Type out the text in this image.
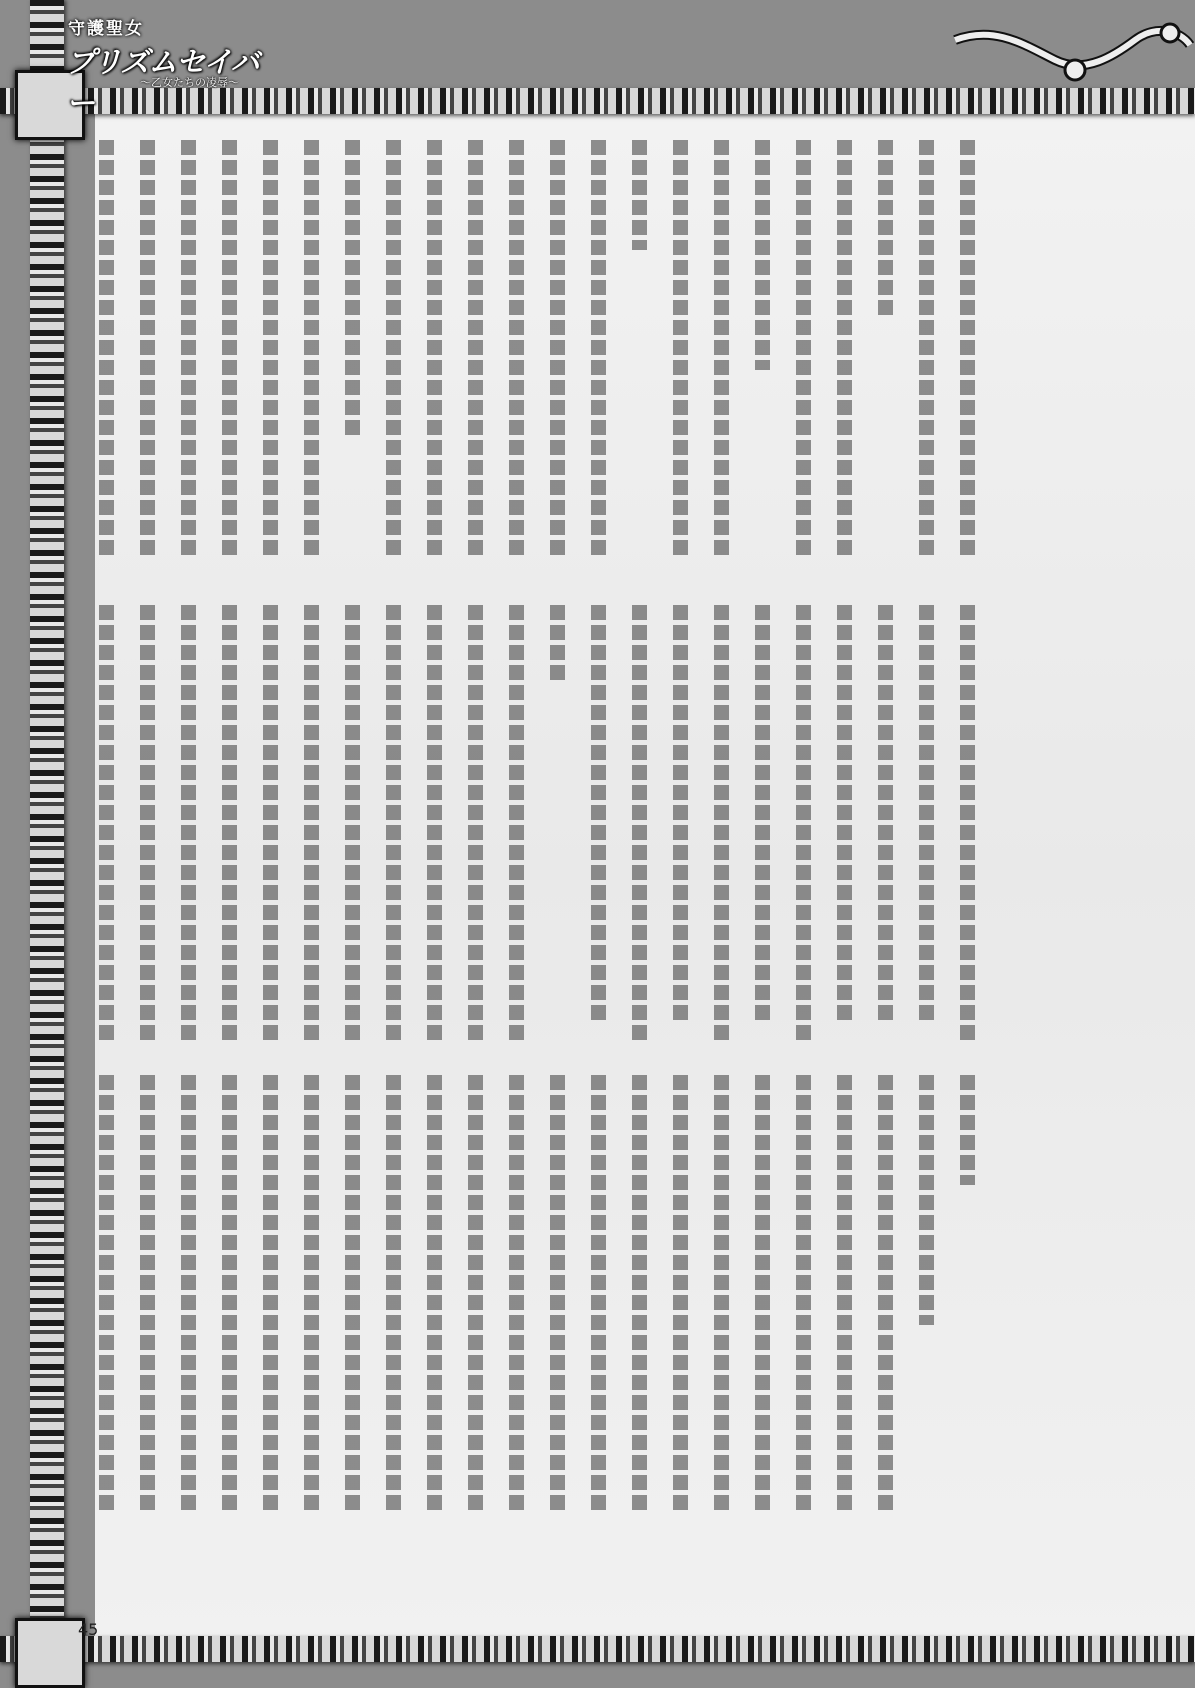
守護聖女
プリズムセイバー
～乙女たちの凌辱～
45
